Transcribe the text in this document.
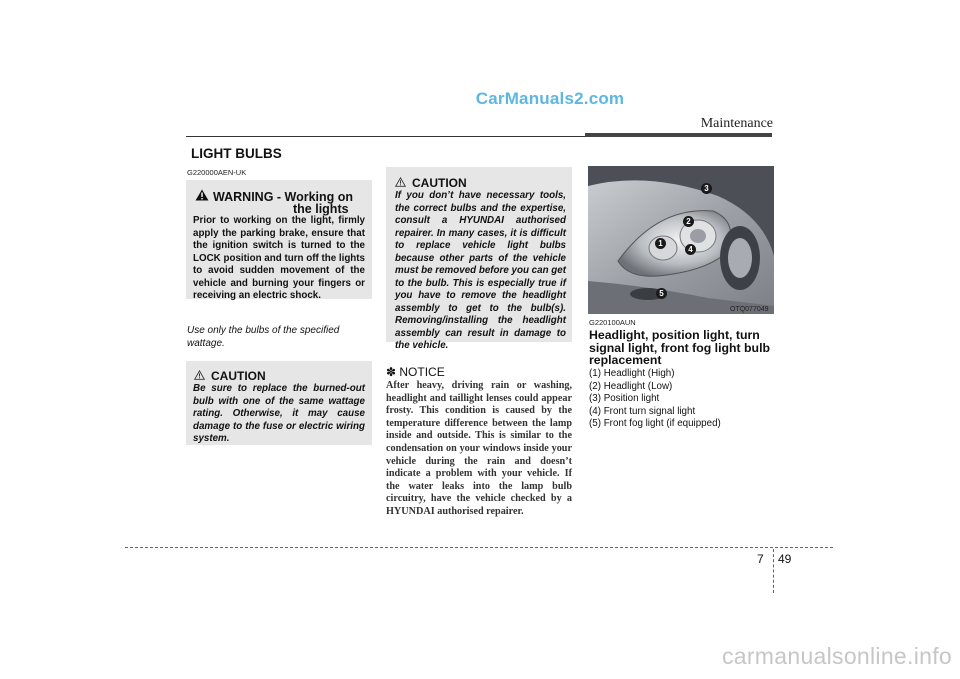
CarManuals2.com
Maintenance
LIGHT BULBS
G220000AEN-UK
WARNING - Working on
the lights
Prior to working on the light, firmly apply the parking brake, ensure that the ignition switch is turned to the LOCK position and turn off the lights to avoid sudden movement of the vehicle and burning your fingers or receiving an electric shock.
Use only the bulbs of the specified wattage.
CAUTION
Be sure to replace the burned-out bulb with one of the same wattage rating. Otherwise, it may cause damage to the fuse or electric wiring system.
CAUTION
If you don’t have necessary tools, the correct bulbs and the expertise, consult a HYUNDAI authorised repairer. In many cases, it is difficult to replace vehicle light bulbs because other parts of the vehicle must be removed before you can get to the bulb. This is especially true if you have to remove the headlight assembly to get to the bulb(s). Removing/installing the headlight assembly can result in damage to the vehicle.
✽ NOTICE
After heavy, driving rain or washing, headlight and taillight lenses could appear frosty. This condition is caused by the temperature difference between the lamp inside and outside. This is similar to the condensation on your windows inside your vehicle during the rain and doesn’t indicate a problem with your vehicle. If the water leaks into the lamp bulb circuitry, have the vehicle checked by a HYUNDAI authorised repairer.
3
2
1
4
5
OTQ077049
G220100AUN
Headlight, position light, turn signal light, front fog light bulb replacement
(1) Headlight (High)
(2) Headlight (Low)
(3) Position light
(4) Front turn signal light
(5) Front fog light (if equipped)
7 49
carmanualsonline.info
